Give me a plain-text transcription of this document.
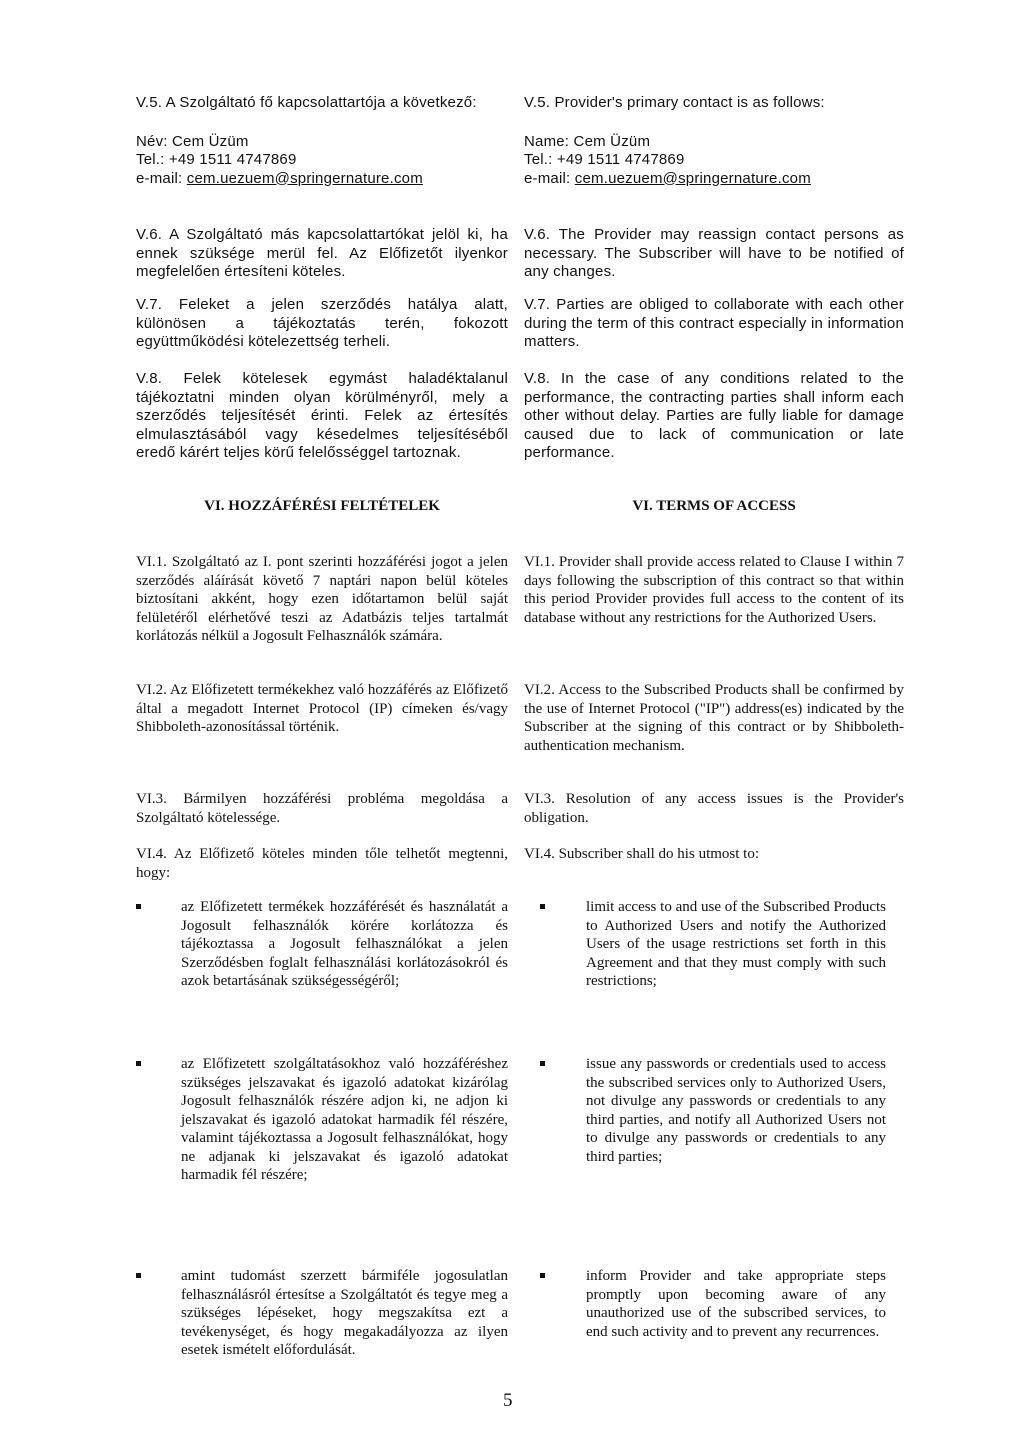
V.5. A Szolgáltató fő kapcsolattartója a következő:
Név: Cem Üzüm
Tel.: +49 1511 4747869
e-mail: cem.uezuem@springernature.com
V.5. Provider's primary contact is as follows:
Name: Cem Üzüm
Tel.: +49 1511 4747869
e-mail: cem.uezuem@springernature.com

V.6. A Szolgáltató más kapcsolattartókat jelöl ki, ha ennek szüksége merül fel. Az Előfizetőt ilyenkor megfelelően értesíteni köteles.

V.6. The Provider may reassign contact persons as necessary. The Subscriber will have to be notified of any changes.

V.7. Feleket a jelen szerződés hatálya alatt, különösen a tájékoztatás terén, fokozott együttműködési kötelezettség terheli.

V.7. Parties are obliged to collaborate with each other during the term of this contract especially in information matters.

V.8. Felek kötelesek egymást haladéktalanul tájékoztatni minden olyan körülményről, mely a szerződés teljesítését érinti. Felek az értesítés elmulasztásából vagy késedelmes teljesítéséből eredő kárért teljes körű felelősséggel tartoznak.

V.8. In the case of any conditions related to the performance, the contracting parties shall inform each other without delay. Parties are fully liable for damage caused due to lack of communication or late performance.

VI. HOZZÁFÉRÉSI FELTÉTELEK	VI. TERMS OF ACCESS

VI.1. Szolgáltató az I. pont szerinti hozzáférési jogot a jelen szerződés aláírását követő 7 naptári napon belül köteles biztosítani akként, hogy ezen időtartamon belül saját felületéről elérhetővé teszi az Adatbázis teljes tartalmát korlátozás nélkül a Jogosult Felhasználók számára.

VI.1. Provider shall provide access related to Clause I within 7 days following the subscription of this contract so that within this period Provider provides full access to the content of its database without any restrictions for the Authorized Users.

VI.2. Az Előfizetett termékekhez való hozzáférés az Előfizető által a megadott Internet Protocol (IP) címeken és/vagy Shibboleth-azonosítással történik.

VI.2. Access to the Subscribed Products shall be confirmed by the use of Internet Protocol ("IP") address(es) indicated by the Subscriber at the signing of this contract or by Shibboleth-authentication mechanism.

VI.3. Bármilyen hozzáférési probléma megoldása a Szolgáltató kötelessége.

VI.3. Resolution of any access issues is the Provider's obligation.

VI.4. Az Előfizető köteles minden tőle telhetőt megtenni, hogy:

VI.4. Subscriber shall do his utmost to:

az Előfizetett termékek hozzáférését és használatát a Jogosult felhasználók körére korlátozza és tájékoztassa a Jogosult felhasználókat a jelen Szerződésben foglalt felhasználási korlátozásokról és azok betartásának szükségességéről;
az Előfizetett szolgáltatásokhoz való hozzáféréshez szükséges jelszavakat és igazoló adatokat kizárólag Jogosult felhasználók részére adjon ki, ne adjon ki jelszavakat és igazoló adatokat harmadik fél részére, valamint tájékoztassa a Jogosult felhasználókat, hogy ne adjanak ki jelszavakat és igazoló adatokat harmadik fél részére;
amint tudomást szerzett bármiféle jogosulatlan felhasználásról értesítse a Szolgáltatót és tegye meg a szükséges lépéseket, hogy megszakítsa ezt a tevékenységet, és hogy megakadályozza az ilyen esetek ismételt előfordulását.
limit access to and use of the Subscribed Products to Authorized Users and notify the Authorized Users of the usage restrictions set forth in this Agreement and that they must comply with such restrictions;
issue any passwords or credentials used to access the subscribed services only to Authorized Users, not divulge any passwords or credentials to any third parties, and notify all Authorized Users not to divulge any passwords or credentials to any third parties;
inform Provider and take appropriate steps promptly upon becoming aware of any unauthorized use of the subscribed services, to end such activity and to prevent any recurrences.
5
